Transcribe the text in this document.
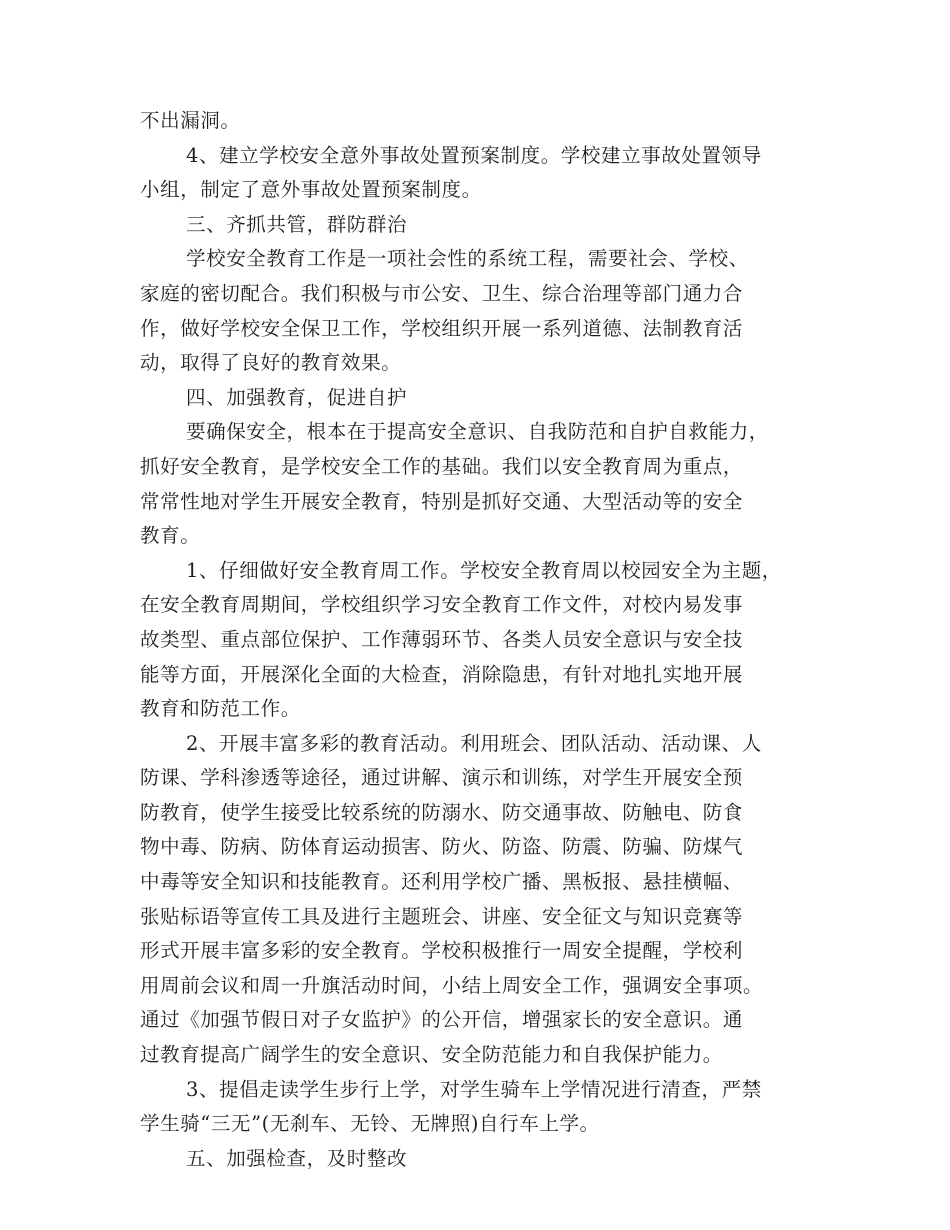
不出漏洞。
4、建立学校安全意外事故处置预案制度。学校建立事故处置领导
小组，制定了意外事故处置预案制度。
三、齐抓共管，群防群治
学校安全教育工作是一项社会性的系统工程，需要社会、学校、
家庭的密切配合。我们积极与市公安、卫生、综合治理等部门通力合
作，做好学校安全保卫工作，学校组织开展一系列道德、法制教育活
动，取得了良好的教育效果。
四、加强教育，促进自护
要确保安全，根本在于提高安全意识、自我防范和自护自救能力，
抓好安全教育，是学校安全工作的基础。我们以安全教育周为重点，
常常性地对学生开展安全教育，特别是抓好交通、大型活动等的安全
教育。
1、仔细做好安全教育周工作。学校安全教育周以校园安全为主题，
在安全教育周期间，学校组织学习安全教育工作文件，对校内易发事
故类型、重点部位保护、工作薄弱环节、各类人员安全意识与安全技
能等方面，开展深化全面的大检查，消除隐患，有针对地扎实地开展
教育和防范工作。
2、开展丰富多彩的教育活动。利用班会、团队活动、活动课、人
防课、学科渗透等途径，通过讲解、演示和训练，对学生开展安全预
防教育，使学生接受比较系统的防溺水、防交通事故、防触电、防食
物中毒、防病、防体育运动损害、防火、防盗、防震、防骗、防煤气
中毒等安全知识和技能教育。还利用学校广播、黑板报、悬挂横幅、
张贴标语等宣传工具及进行主题班会、讲座、安全征文与知识竞赛等
形式开展丰富多彩的安全教育。学校积极推行一周安全提醒，学校利
用周前会议和周一升旗活动时间，小结上周安全工作，强调安全事项。
通过《加强节假日对子女监护》的公开信，增强家长的安全意识。通
过教育提高广阔学生的安全意识、安全防范能力和自我保护能力。
3、提倡走读学生步行上学，对学生骑车上学情况进行清查，严禁
学生骑“三无”(无刹车、无铃、无牌照)自行车上学。
五、加强检查，及时整改
